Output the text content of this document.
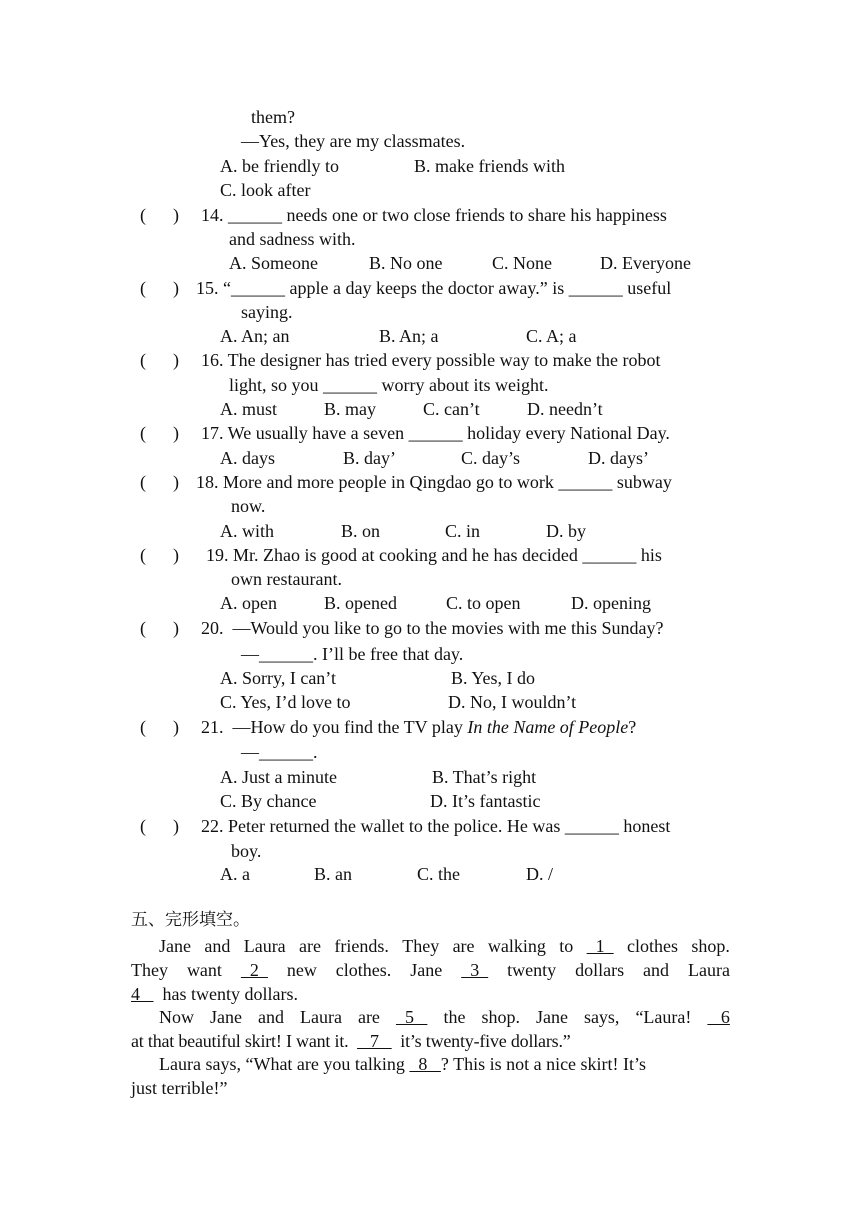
them?
—Yes, they are my classmates.
A. be friendly to	B. make friends with
C. look after
(      ) 14. ______ needs one or two close friends to share his happiness
and sadness with.
A. Someone	B. No one	C. None	D. Everyone
(      ) 15. “______ apple a day keeps the doctor away.” is ______ useful
saying.
A. An; an	B. An; a	C. A; a
(      ) 16. The designer has tried every possible way to make the robot
light, so you ______ worry about its weight.
A. must	B. may	C. can’t	D. needn’t
(      ) 17. We usually have a seven ______ holiday every National Day.
A. days	B. day’	C. day’s	D. days’
(      ) 18. More and more people in Qingdao go to work ______ subway
now.
A. with	B. on	C. in	D. by
(      ) 19. Mr. Zhao is good at cooking and he has decided ______ his
own restaurant.
A. open	B. opened	C. to open	D. opening
(      ) 20.  —Would you like to go to the movies with me this Sunday?
—______. I’ll be free that day.
A. Sorry, I can’t	B. Yes, I do
C. Yes, I’d love to	D. No, I wouldn’t
(      ) 21.  —How do you find the TV play In the Name of People?
—______.
A. Just a minute	B. That’s right
C. By chance	D. It’s fantastic
(      ) 22. Peter returned the wallet to the police. He was ______ honest
boy.
A. a	B. an	C. the	D. /
五、完形填空。
Jane and Laura are friends. They are walking to 1 clothes shop.
They want 2 new clothes. Jane 3 twenty dollars and Laura
4     has twenty dollars.
Now Jane and Laura are 5 the shop. Jane says, “Laura! 6
at that beautiful skirt! I want it.     7     it’s twenty-five dollars.”
Laura says, “What are you talking   8   ? This is not a nice skirt! It’s
just terrible!”
